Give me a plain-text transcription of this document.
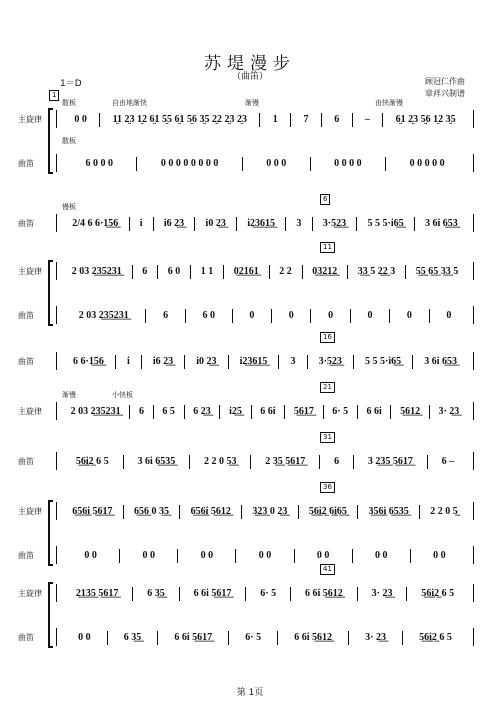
苏堤漫步
（曲笛）
1＝D	顾冠仁作曲
章祥兴制谱
1
散板	自由地渐快	渐慢	由快渐慢
散板
主旋律	0 0	1̤1 2̤3 1̤2 6̤1 5̤5 6̤1 5̤6 3̤5 2̤2 2̤3 2̤3	1	7	6	–	6̤1 2̤3 5̤6 1̤2 3̤5
曲笛	6 0 0 0	0 0 0 0 0 0 0 0	0 0 0	0 0 0 0	0 0 0 0 0
6
慢板
曲笛	2/4 6 6·1̲5̲6̲	i	i6 2̲3̲	i0 2̲3̲	i2̲3̲6̲1̲5̲	3	3·5̲2̲3̲	5 5 5·i6̲5̲	3 6i 6̲5̲3̲
11
主旋律	2 03 2̲3̲5̲2̲3̲1̲	6	6 0	1 1	0̲2̲1̲6̲1̲	2 2	0̲3̲2̲1̲2̲	3̲3̲ 5 2̲2̲ 3	5̲5̲ 6̲5̲ 3̲3̲ 5
曲笛	2 03 2̲3̲5̲2̲3̲1̲	6	6 0	0	0	0	0	0	0
16
曲笛	6 6·1̲5̲6̲	i	i6 2̲3̲	i0 2̲3̲	i2̲3̲6̲1̲5̲	3	3·5̲2̲3̲	5 5 5·i6̲5̲	3 6i 6̲5̲3̲
21
渐慢	小快板
主旋律	2 03 2̲3̲5̲2̲3̲1̲	6	6 5	6 2̲3̲	i2̲5̲	6 6i	5̲6̲1̲7̲	6· 5	6 6i	5̲6̲1̲2̲	3· 2̲3̲
31
曲笛	5̲6̲i̲2̲ 6 5	3 6i 6̲5̲3̲5̲	2 2 0 5̲3̲	2 3̲5̲ 5̲6̲1̲7̲	6	3 2̲3̲5̲ 5̲6̲1̲7̲	6 –
36
主旋律	6̲5̲6̲i̲ 5̲6̲1̲7̲	6̲5̲6̲ 0 3̲5̲	6̲5̲6̲i̲ 5̲6̲1̲2̲	3̲2̲3̲ 0 2̲3̲	5̲6̲i̲2̲ 6̲i̲6̲5̲	3̲5̲6̲i̲ 6̲5̲3̲5̲	2 2 0 5̲
曲笛	0 0	0 0	0 0	0 0	0 0	0 0	0 0
41
主旋律	2̲1̲3̲5̲ 5̲6̲1̲7̲	6 3̲5̲	6 6i 5̲6̲1̲7̲	6· 5	6 6i 5̲6̲1̲2̲	3· 2̲3̲	5̲6̲i̲2̲ 6 5
曲笛	0 0	6 3̲5̲	6 6i 5̲6̲1̲7̲	6· 5	6 6i 5̲6̲1̲2̲	3· 2̲3̲	5̲6̲i̲2̲ 6 5
第 1页
